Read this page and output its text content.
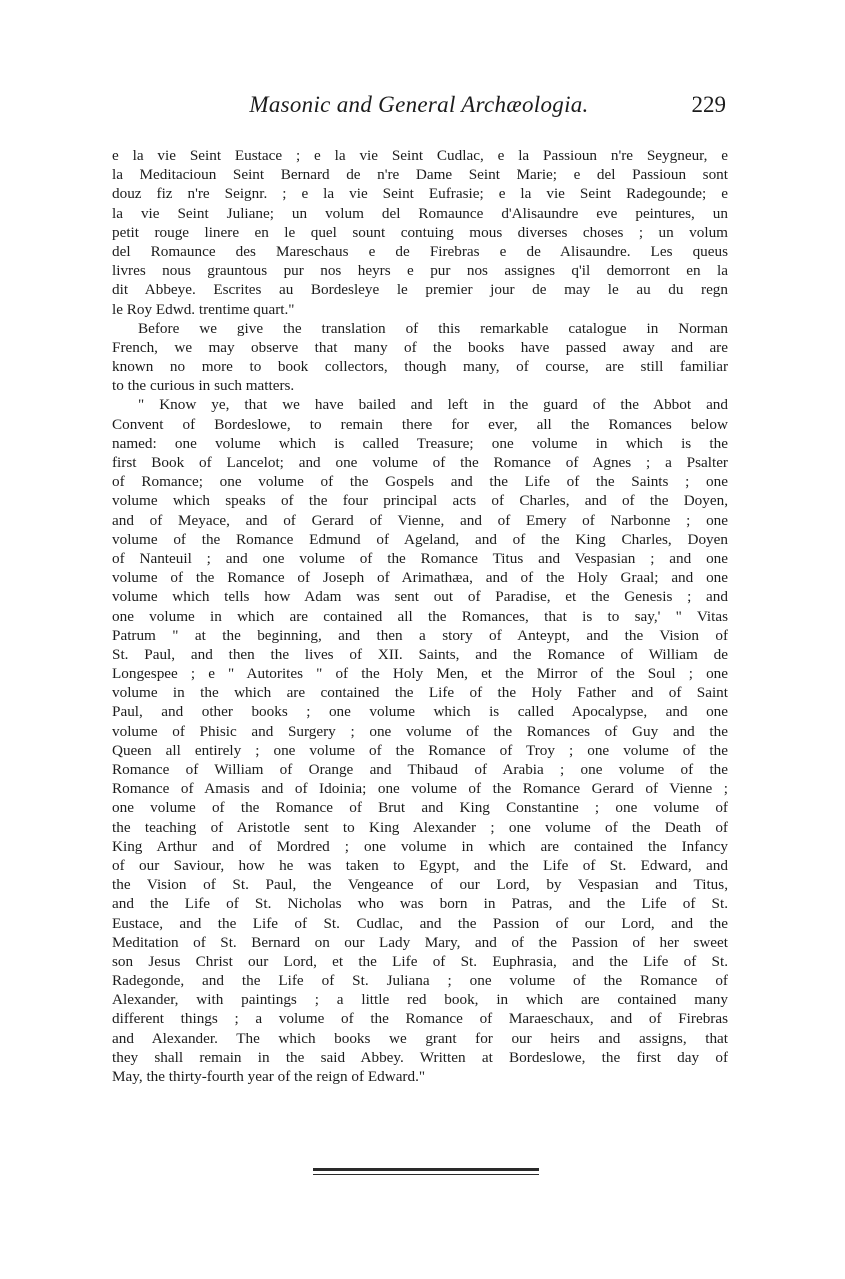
Masonic and General Archæologia.	229
e la vie Seint Eustace ; e la vie Seint Cudlac, e la Passioun n're Seygneur, e
la Meditacioun Seint Bernard de n're Dame Seint Marie; e del Passioun sont
douz fiz n're Seignr. ; e la vie Seint Eufrasie; e la vie Seint Radegounde; e
la vie Seint Juliane; un volum del Romaunce d'Alisaundre eve peintures, un
petit rouge linere en le quel sount contuing mous diverses choses ; un volum
del Romaunce des Mareschaus e de Firebras e de Alisaundre. Les queus
livres nous grauntous pur nos heyrs e pur nos assignes q'il demorront en la
dit Abbeye. Escrites au Bordesleye le premier jour de may le au du regn
le Roy Edwd. trentime quart."
Before we give the translation of this remarkable catalogue in Norman
French, we may observe that many of the books have passed away and are
known no more to book collectors, though many, of course, are still familiar
to the curious in such matters.
" Know ye, that we have bailed and left in the guard of the Abbot and
Convent of Bordeslowe, to remain there for ever, all the Romances below
named: one volume which is called Treasure; one volume in which is the
first Book of Lancelot; and one volume of the Romance of Agnes ; a Psalter
of Romance; one volume of the Gospels and the Life of the Saints ; one
volume which speaks of the four principal acts of Charles, and of the Doyen,
and of Meyace, and of Gerard of Vienne, and of Emery of Narbonne ; one
volume of the Romance Edmund of Ageland, and of the King Charles, Doyen
of Nanteuil ; and one volume of the Romance Titus and Vespasian ; and one
volume of the Romance of Joseph of Arimathæa, and of the Holy Graal; and one
volume which tells how Adam was sent out of Paradise, et the Genesis ; and
one volume in which are contained all the Romances, that is to say,' " Vitas
Patrum " at the beginning, and then a story of Anteypt, and the Vision of
St. Paul, and then the lives of XII. Saints, and the Romance of William de
Longespee ; e " Autorites " of the Holy Men, et the Mirror of the Soul ; one
volume in the which are contained the Life of the Holy Father and of Saint
Paul, and other books ; one volume which is called Apocalypse, and one
volume of Phisic and Surgery ; one volume of the Romances of Guy and the
Queen all entirely ; one volume of the Romance of Troy ; one volume of the
Romance of William of Orange and Thibaud of Arabia ; one volume of the
Romance of Amasis and of Idoinia; one volume of the Romance Gerard of Vienne ;
one volume of the Romance of Brut and King Constantine ; one volume of
the teaching of Aristotle sent to King Alexander ; one volume of the Death of
King Arthur and of Mordred ; one volume in which are contained the Infancy
of our Saviour, how he was taken to Egypt, and the Life of St. Edward, and
the Vision of St. Paul, the Vengeance of our Lord, by Vespasian and Titus,
and the Life of St. Nicholas who was born in Patras, and the Life of St.
Eustace, and the Life of St. Cudlac, and the Passion of our Lord, and the
Meditation of St. Bernard on our Lady Mary, and of the Passion of her sweet
son Jesus Christ our Lord, et the Life of St. Euphrasia, and the Life of St.
Radegonde, and the Life of St. Juliana ; one volume of the Romance of
Alexander, with paintings ; a little red book, in which are contained many
different things ; a volume of the Romance of Maraeschaux, and of Firebras
and Alexander. The which books we grant for our heirs and assigns, that
they shall remain in the said Abbey. Written at Bordeslowe, the first day of
May, the thirty-fourth year of the reign of Edward."
